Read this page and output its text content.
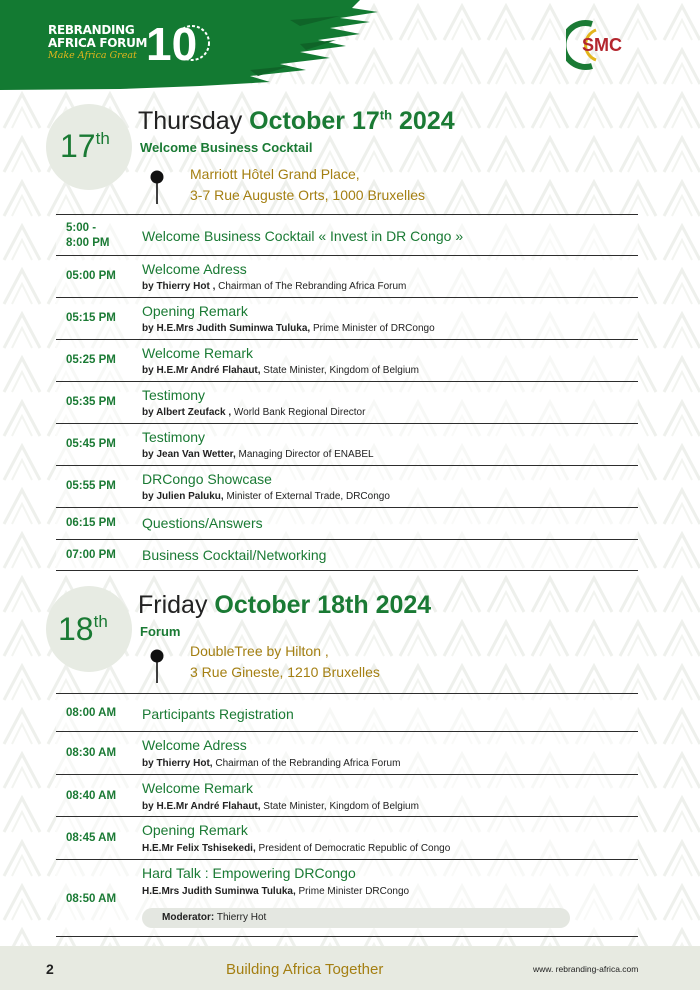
REBRANDING
AFRICA FORUM
Make Africa Great 10	SMC
17th
Thursday October 17th 2024
Welcome Business Cocktail
Marriott Hôtel Grand Place,
3-7 Rue Auguste Orts, 1000 Bruxelles
5:00 -
8:00 PM Welcome Business Cocktail « Invest in DR Congo »
05:00 PM Welcome Adress
by Thierry Hot , Chairman of The Rebranding Africa Forum
05:15 PM Opening Remark
by H.E.Mrs Judith Suminwa Tuluka, Prime Minister of DRCongo
05:25 PM Welcome Remark
by H.E.Mr André Flahaut, State Minister, Kingdom of Belgium
05:35 PM Testimony
by Albert Zeufack , World Bank Regional Director
05:45 PM Testimony
by Jean Van Wetter, Managing Director of ENABEL
05:55 PM DRCongo Showcase
by Julien Paluku, Minister of External Trade, DRCongo
06:15 PM Questions/Answers
07:00 PM Business Cocktail/Networking
18th
Friday October 18th 2024
Forum
DoubleTree by Hilton ,
3 Rue Gineste, 1210 Bruxelles
08:00 AM Participants Registration
08:30 AM Welcome Adress
by Thierry Hot, Chairman of the Rebranding Africa Forum
08:40 AM Welcome Remark
by H.E.Mr André Flahaut, State Minister, Kingdom of Belgium
08:45 AM Opening Remark
H.E.Mr Felix Tshisekedi, President of Democratic Republic of Congo
08:50 AM
Hard Talk : Empowering DRCongo
H.E.Mrs Judith Suminwa Tuluka, Prime Minister DRCongo
Moderator: Thierry Hot
2	Building Africa Together	www. rebranding-africa.com
